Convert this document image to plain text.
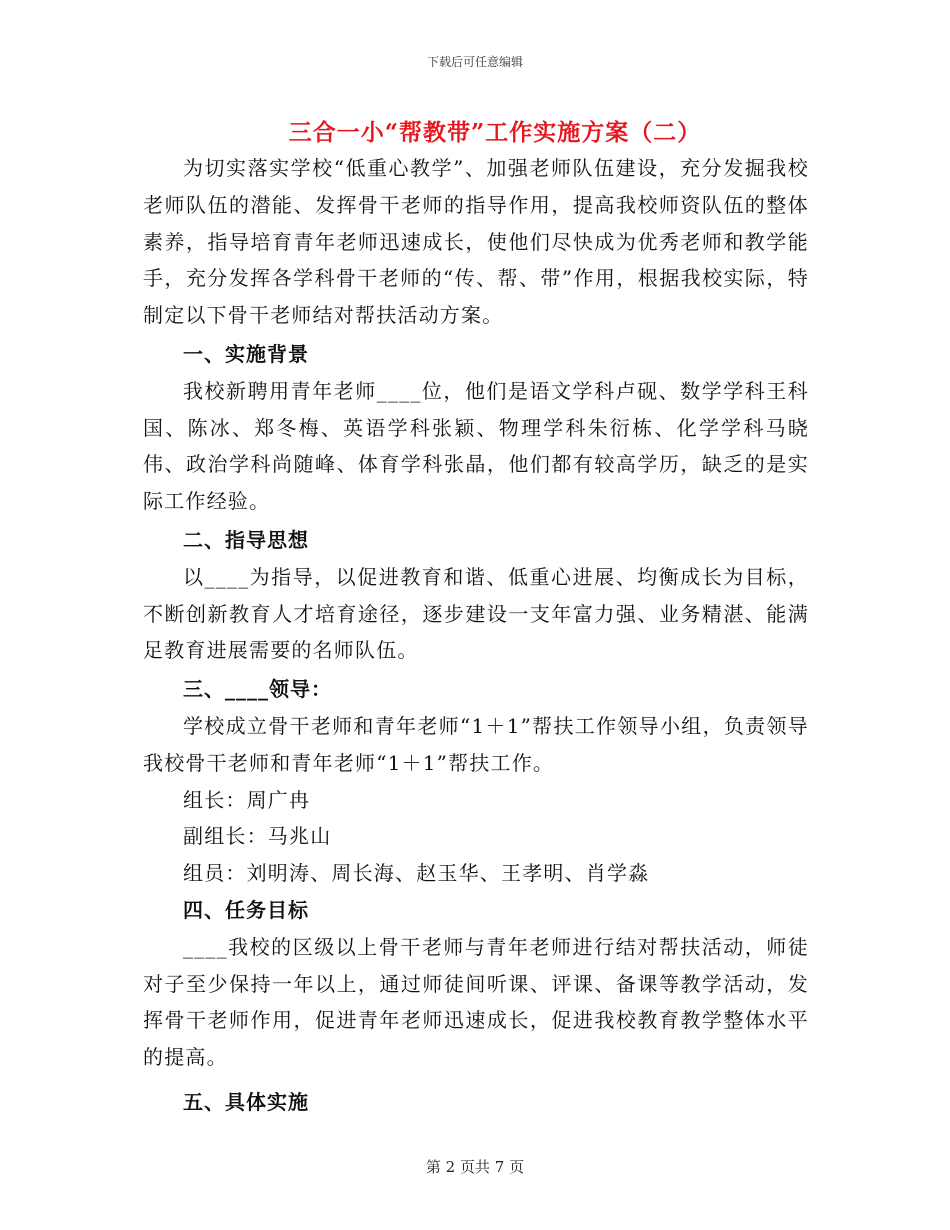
下载后可任意编辑
三合一小“帮教带”工作实施方案（二）

为切实落实学校“低重心教学”、加强老师队伍建设，充分发掘我校老师队伍的潜能、发挥骨干老师的指导作用，提高我校师资队伍的整体素养，指导培育青年老师迅速成长，使他们尽快成为优秀老师和教学能手，充分发挥各学科骨干老师的“传、帮、带”作用，根据我校实际，特制定以下骨干老师结对帮扶活动方案。

一、实施背景

我校新聘用青年老师____位，他们是语文学科卢砚、数学学科王科国、陈冰、郑冬梅、英语学科张颖、物理学科朱衍栋、化学学科马晓伟、政治学科尚随峰、体育学科张晶，他们都有较高学历，缺乏的是实际工作经验。

二、指导思想

以____为指导，以促进教育和谐、低重心进展、均衡成长为目标，不断创新教育人才培育途径，逐步建设一支年富力强、业务精湛、能满足教育进展需要的名师队伍。

三、____领导：

学校成立骨干老师和青年老师“1＋1”帮扶工作领导小组，负责领导我校骨干老师和青年老师“1＋1”帮扶工作。

组长：周广冉

副组长：马兆山

组员：刘明涛、周长海、赵玉华、王孝明、肖学淼

四、任务目标

____我校的区级以上骨干老师与青年老师进行结对帮扶活动，师徒对子至少保持一年以上，通过师徒间听课、评课、备课等教学活动，发挥骨干老师作用，促进青年老师迅速成长，促进我校教育教学整体水平的提高。

五、具体实施

第 2 页共 7 页
